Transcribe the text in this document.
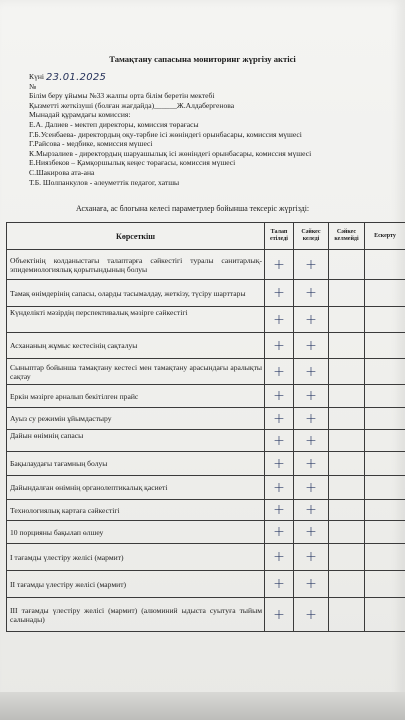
Тамақтану сапасына мониторинг жүргізу актісі
Күні 23.01.2025
№
Білім беру ұйымы №33 жалпы орта білім беретін мектебі
Қызметті жеткізуші (болған жағдайда)______Ж.Алдабергенова
Мынадай құрамдағы комиссия:
Е.А. Далиев - мектеп директоры, комиссия төрағасы
Г.Б.Усенбаева- директордың оқу-тәрбие ісі жөніндегі орынбасары, комиссия мүшесі
Г.Райсова - медбике, комиссия мүшесі
К.Мырзалиев - директордың шаруашылық ісі жөніндегі орынбасары, комиссия мүшесі
Е.Ниязбеков – Қамқоршылық кеңес төрағасы, комиссия мүшесі
С.Шакирова ата-ана
Т.Б. Шолпанкулов - әлеуметтік педагог, хатшы
Асханаға, ас блогына келесі параметрлер бойынша тексеріс жүргізді:
Көрсеткіш	Талап етіледі	Сәйкес келеді	Сәйкес келмейді	Ескерту
Объектінің колданыстағы талаптарға сәйкестігі туралы санитарлық-эпидемиологиялық қорытындының болуы	+	+		
Тамақ өнімдерінің сапасы, оларды тасымалдау, жеткізу, түсіру шарттары	+	+		
Күнделікті мәзірдің перспективалық мәзірге сәйкестігі	+	+		
Асхананың жұмыс кестесінің сақталуы	+	+		
Сыныптар бойынша тамақтану кестесі мен тамақтану арасындағы аралықты сақтау	+	+		
Еркін мәзірге арналып бекітілген прайс	+	+		
Ауыз су режимін ұйымдастыру	+	+		
Дайын өнімнің сапасы	+	+		
Бақылаудағы тағамның болуы	+	+		
Дайындалған өнімнің органолептикалық қасиеті	+	+		
Технологиялық картаға сәйкестігі	+	+		
10 порцияны бақылап өлшеу	+	+		
І тағамды үлестіру желісі (мармит)	+	+		
ІІ тағамды үлестіру желісі (мармит)	+	+		
ІІІ тағамды үлестіру желісі (мармит) (алюминий ыдыста суытуға тыйым салынады)	+	+		
